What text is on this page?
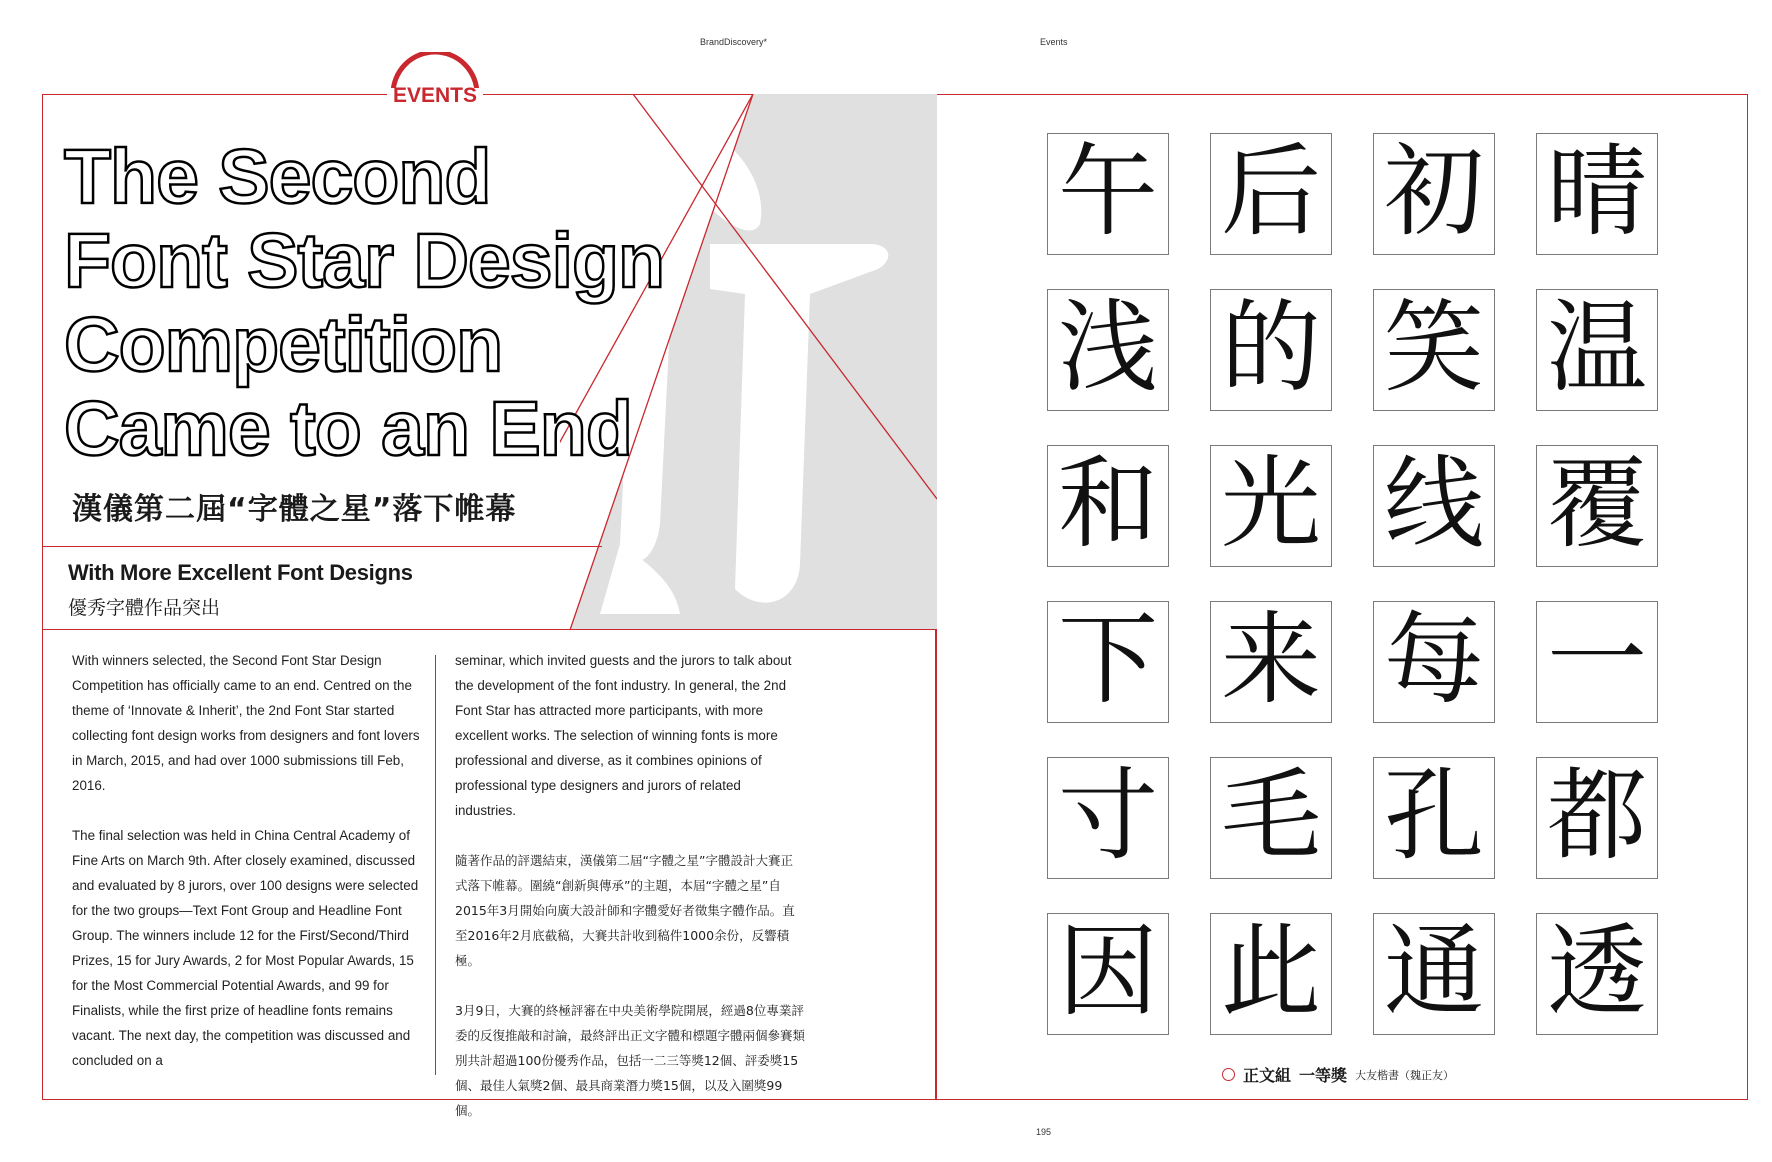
BrandDiscovery*	Events
EVENTS
The Second
Font Star Design
Competition
Came to an End
漢儀第二屆“字體之星”落下帷幕
With More Excellent Font Designs
優秀字體作品突出

With winners selected, the Second Font Star Design Competition has officially came to an end. Centred on the theme of ‘Innovate & Inherit’, the 2nd Font Star started collecting font design works from designers and font lovers in March, 2015, and had over 1000 submissions till Feb, 2016.

The final selection was held in China Central Academy of Fine Arts on March 9th. After closely examined, discussed and evaluated by 8 jurors, over 100 designs were selected for the two groups—Text Font Group and Headline Font Group. The winners include 12 for the First/Second/Third Prizes, 15 for Jury Awards, 2 for Most Popular Awards, 15 for the Most Commercial Potential Awards, and 99 for Finalists, while the first prize of headline fonts remains vacant. The next day, the competition was discussed and concluded on a

seminar, which invited guests and the jurors to talk about the development of the font industry. In general, the 2nd Font Star has attracted more participants, with more excellent works. The selection of winning fonts is more professional and diverse, as it combines opinions of professional type designers and jurors of related industries.

隨著作品的評選結束，漢儀第二屆“字體之星”字體設計大賽正式落下帷幕。圍繞“創新與傳承”的主題，本屆“字體之星”自2015年3月開始向廣大設計師和字體愛好者徵集字體作品。直至2016年2月底截稿，大賽共計收到稿件1000余份，反響積極。

3月9日，大賽的終極評審在中央美術學院開展，經過8位專業評委的反復推敲和討論，最終評出正文字體和標題字體兩個參賽類別共計超過100份優秀作品，包括一二三等獎12個、評委獎15個、最佳人氣獎2個、最具商業潛力獎15個，以及入圍獎99個。

午 后 初 晴
浅 的 笑 温
和 光 线 覆
下 来 每 一
寸 毛 孔 都
因 此 通 透
正文組 一等獎 大友楷書（魏正友）
195
